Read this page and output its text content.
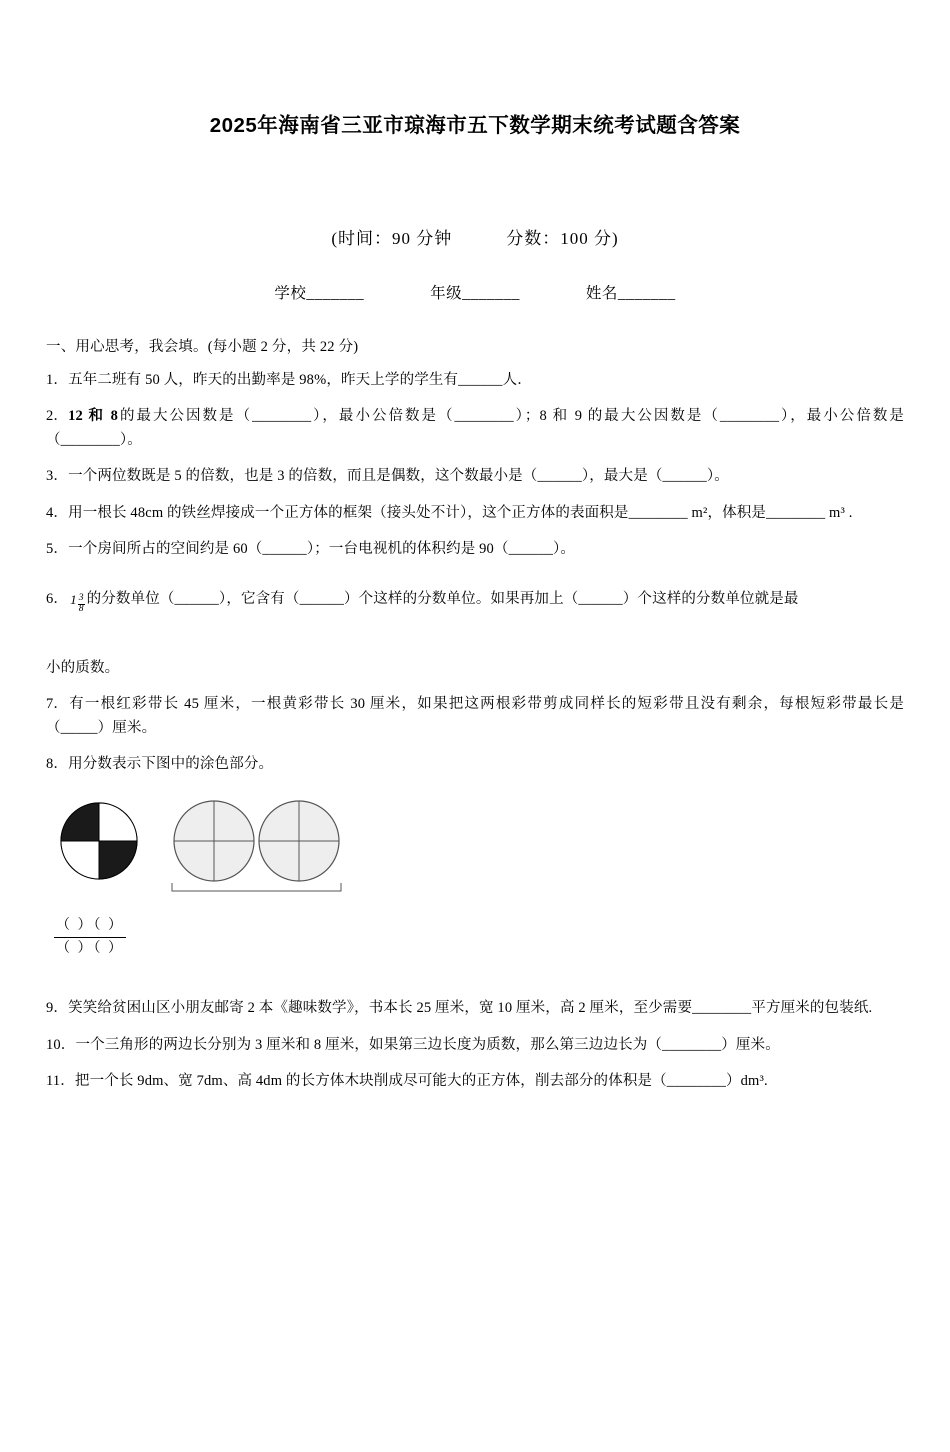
2025年海南省三亚市琼海市五下数学期末统考试题含答案
(时间：90 分钟	分数：100 分)
学校_______	年级_______	姓名_______
一、用心思考，我会填。(每小题 2 分，共 22 分)
1．五年二班有 50 人，昨天的出勤率是 98%，昨天上学的学生有______人．
2．12 和 8的最大公因数是（________），最小公倍数是（________）；8 和 9 的最大公因数是（________），最小公倍数是（________）。
3．一个两位数既是 5 的倍数，也是 3 的倍数，而且是偶数，这个数最小是（______），最大是（______）。
4．用一根长 48cm 的铁丝焊接成一个正方体的框架（接头处不计），这个正方体的表面积是________ m²，体积是________ m³ .
5．一个房间所占的空间约是 60（______）；一台电视机的体积约是 90（______）。
6． $1 \frac{3}{8}$ 的分数单位（______），它含有（______）个这样的分数单位。如果再加上（______）个这样的分数单位就是最
小的质数。
7．有一根红彩带长 45 厘米，一根黄彩带长 30 厘米，如果把这两根彩带剪成同样长的短彩带且没有剩余，每根短彩带最长是（_____）厘米。
8．用分数表示下图中的涂色部分。
$\frac{( )( )}{( )( )}$
9．笑笑给贫困山区小朋友邮寄 2 本《趣味数学》，书本长 25 厘米，宽 10 厘米，高 2 厘米，至少需要________平方厘米的包装纸.
10．一个三角形的两边长分别为 3 厘米和 8 厘米，如果第三边长度为质数，那么第三边边长为（________）厘米。
11．把一个长 9dm、宽 7dm、高 4dm 的长方体木块削成尽可能大的正方体，削去部分的体积是（________）dm³.
